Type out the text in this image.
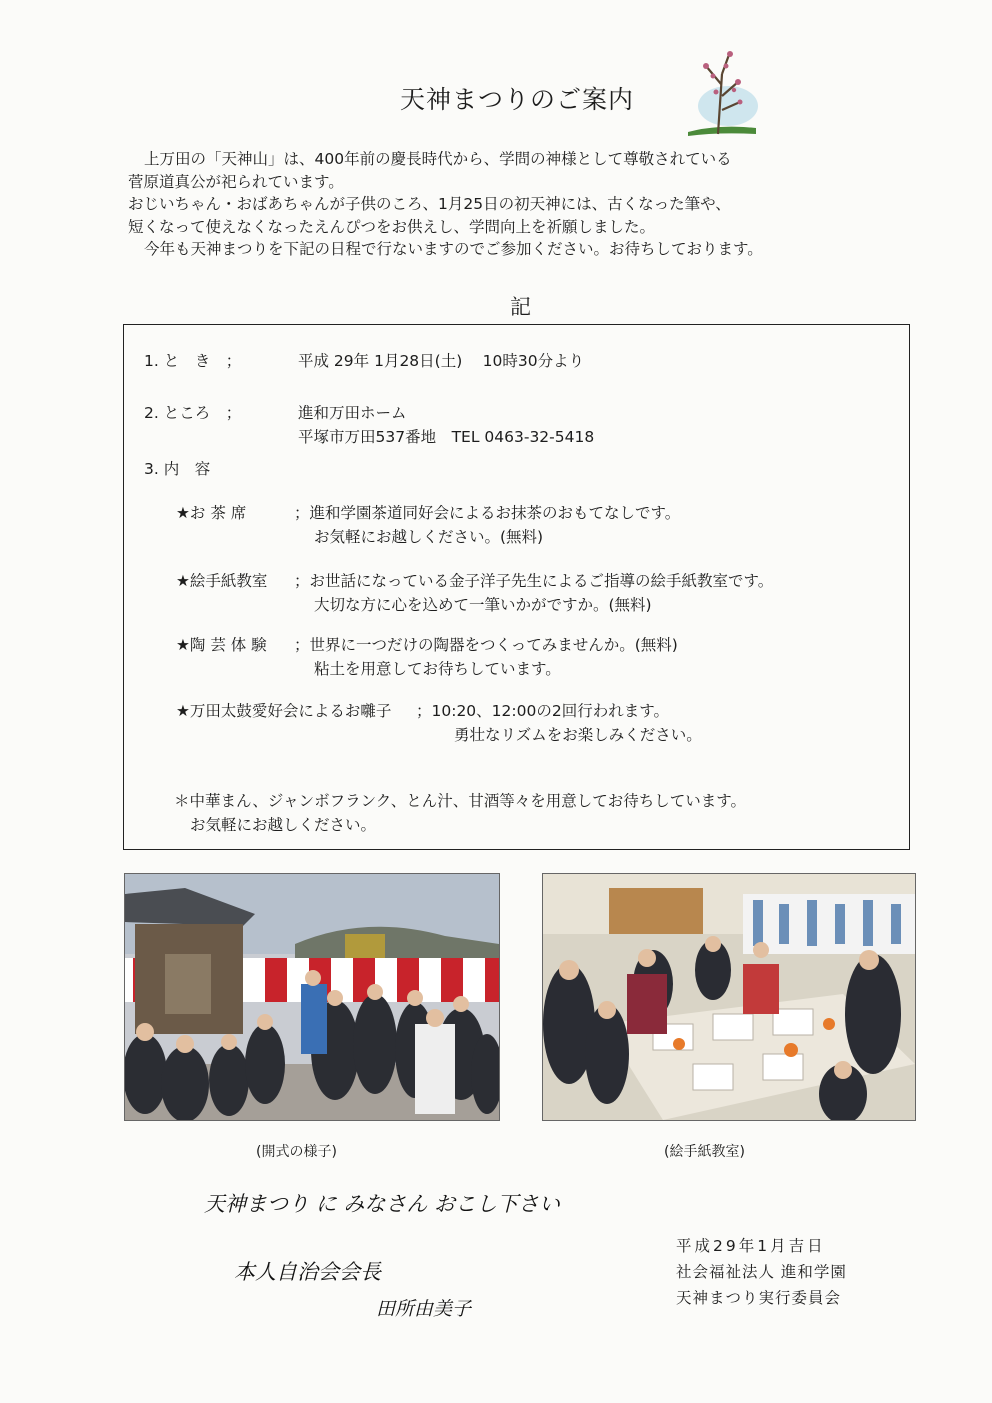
天神まつりのご案内

上万田の「天神山」は、400年前の慶長時代から、学問の神様として尊敬されている

菅原道真公が祀られています。

おじいちゃん・おばあちゃんが子供のころ、1月25日の初天神には、古くなった筆や、

短くなって使えなくなったえんぴつをお供えし、学問向上を祈願しました。

今年も天神まつりを下記の日程で行ないますのでご参加ください。お待ちしております。

記
1. と　き　；	平成 29年 1月28日(土)　 10時30分より
2. ところ　；	進和万田ホーム
平塚市万田537番地　TEL 0463-32-5418
3. 内　容
★お 茶 席	；進和学園茶道同好会によるお抹茶のおもてなしです。
お気軽にお越しください。(無料)
★絵手紙教室 ；お世話になっている金子洋子先生によるご指導の絵手紙教室です。
大切な方に心を込めて一筆いかがですか。(無料)
★陶 芸 体 験 ；世界に一つだけの陶器をつくってみませんか。(無料)
粘土を用意してお待ちしています。
★万田太鼓愛好会によるお囃子 ；10:20、12:00の2回行われます。
勇壮なリズムをお楽しみください。
＊中華まん、ジャンボフランク、とん汁、甘酒等々を用意してお待ちしています。
お気軽にお越しください。
(開式の様子)	(絵手紙教室)
天神まつり に みなさん おこし下さい
本人自治会会長
田所由美子

平成29年1月吉日

社会福祉法人 進和学園

天神まつり実行委員会
